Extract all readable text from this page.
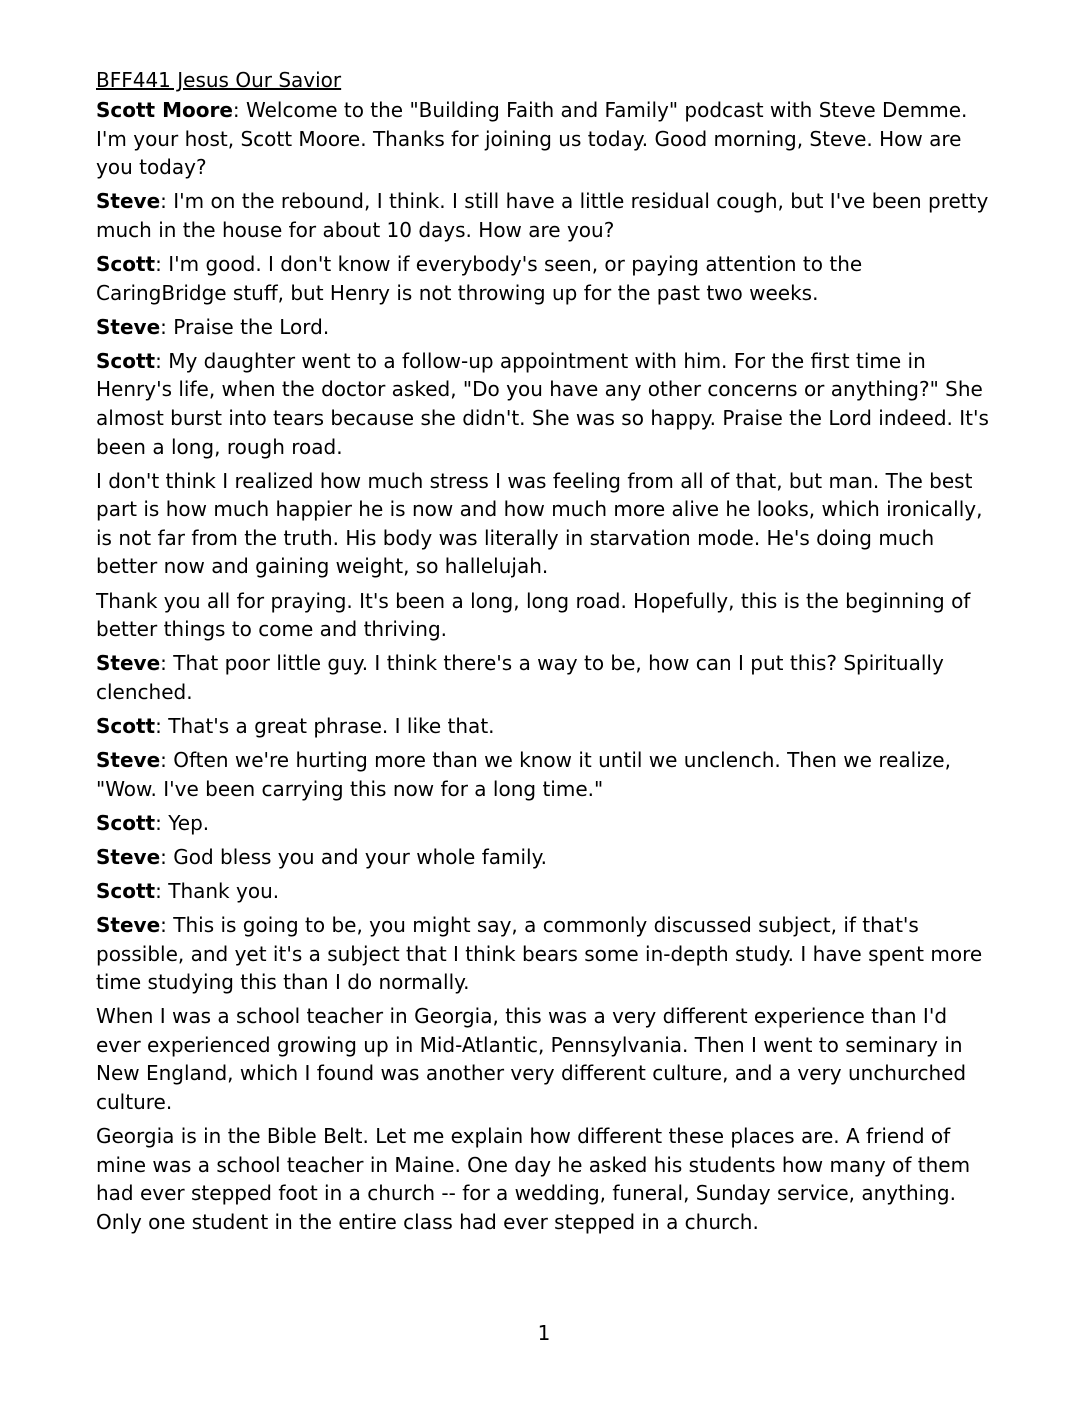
BFF441 Jesus Our Savior

Scott Moore: Welcome to the "Building Faith and Family" podcast with Steve Demme. I'm your host, Scott Moore. Thanks for joining us today. Good morning, Steve. How are you today?

Steve: I'm on the rebound, I think. I still have a little residual cough, but I've been pretty much in the house for about 10 days. How are you?

Scott: I'm good. I don't know if everybody's seen, or paying attention to the CaringBridge stuff, but Henry is not throwing up for the past two weeks.

Steve: Praise the Lord.

Scott: My daughter went to a follow-up appointment with him. For the first time in Henry's life, when the doctor asked, "Do you have any other concerns or anything?" She almost burst into tears because she didn't. She was so happy. Praise the Lord indeed. It's been a long, rough road.

I don't think I realized how much stress I was feeling from all of that, but man. The best part is how much happier he is now and how much more alive he looks, which ironically, is not far from the truth. His body was literally in starvation mode. He's doing much better now and gaining weight, so hallelujah.

Thank you all for praying. It's been a long, long road. Hopefully, this is the beginning of better things to come and thriving.

Steve: That poor little guy. I think there's a way to be, how can I put this? Spiritually clenched.

Scott: That's a great phrase. I like that.

Steve: Often we're hurting more than we know it until we unclench. Then we realize, "Wow. I've been carrying this now for a long time."

Scott: Yep.

Steve: God bless you and your whole family.

Scott: Thank you.

Steve: This is going to be, you might say, a commonly discussed subject, if that's possible, and yet it's a subject that I think bears some in-depth study. I have spent more time studying this than I do normally.

When I was a school teacher in Georgia, this was a very different experience than I'd ever experienced growing up in Mid-Atlantic, Pennsylvania. Then I went to seminary in New England, which I found was another very different culture, and a very unchurched culture.

Georgia is in the Bible Belt. Let me explain how different these places are. A friend of mine was a school teacher in Maine. One day he asked his students how many of them had ever stepped foot in a church -- for a wedding, funeral, Sunday service, anything. Only one student in the entire class had ever stepped in a church.

1
